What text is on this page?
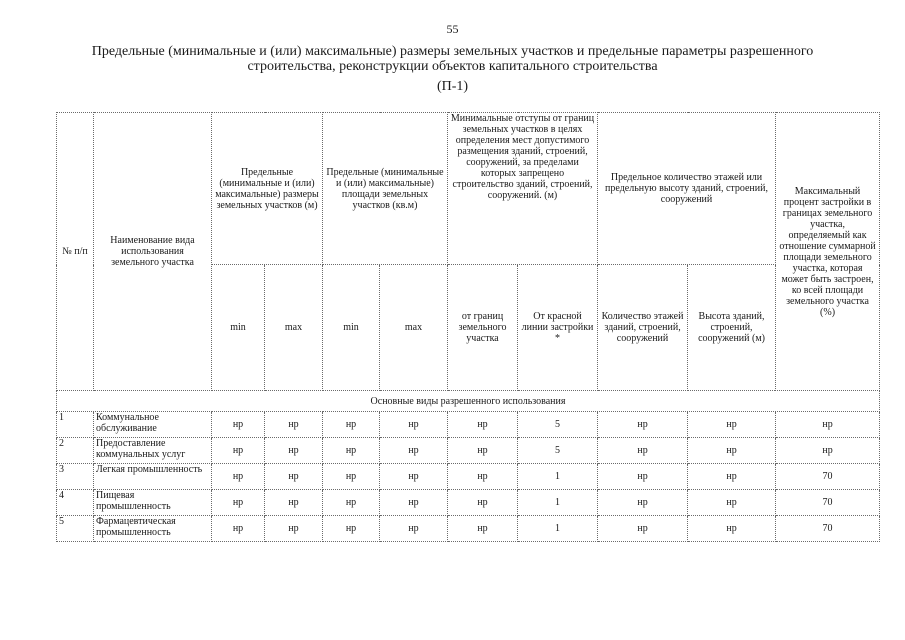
55
Предельные (минимальные и (или) максимальные) размеры земельных участков и предельные параметры разрешенного
строительства, реконструкции объектов капитального строительства
(П-1)
№ п/п	Наименование вида использования земельного участка	Предельные (минимальные и (или) максимальные) размеры земельных участков (м)		Предельные (минимальные и (или) максимальные) площади земельных участков (кв.м)		Минимальные отступы от границ земельных участков в целях определения мест допустимого размещения зданий, строений, сооружений, за пределами которых запрещено строительство зданий, строений, сооружений. (м)		Предельное количество этажей или предельную высоту зданий, строений, сооружений		Максимальный процент застройки в границах земельного участка, определяемый как отношение суммарной площади земельного участка, которая может быть застроен, ко всей площади земельного участка (%)
		min	max	min	max	от границ земельного участка	От красной линии застройки *	Количество этажей зданий, строений, сооружений	Высота зданий, строений, сооружений (м)	
Основные виды разрешенного использования										
1	Коммунальное обслуживание	нр	нр	нр	нр	нр	5	нр	нр	нр
2	Предоставление коммунальных услуг	нр	нр	нр	нр	нр	5	нр	нр	нр
3	Легкая промышленность	нр	нр	нр	нр	нр	1	нр	нр	70
4	Пищевая промышленность	нр	нр	нр	нр	нр	1	нр	нр	70
5	Фармацевтическая промышленность	нр	нр	нр	нр	нр	1	нр	нр	70
